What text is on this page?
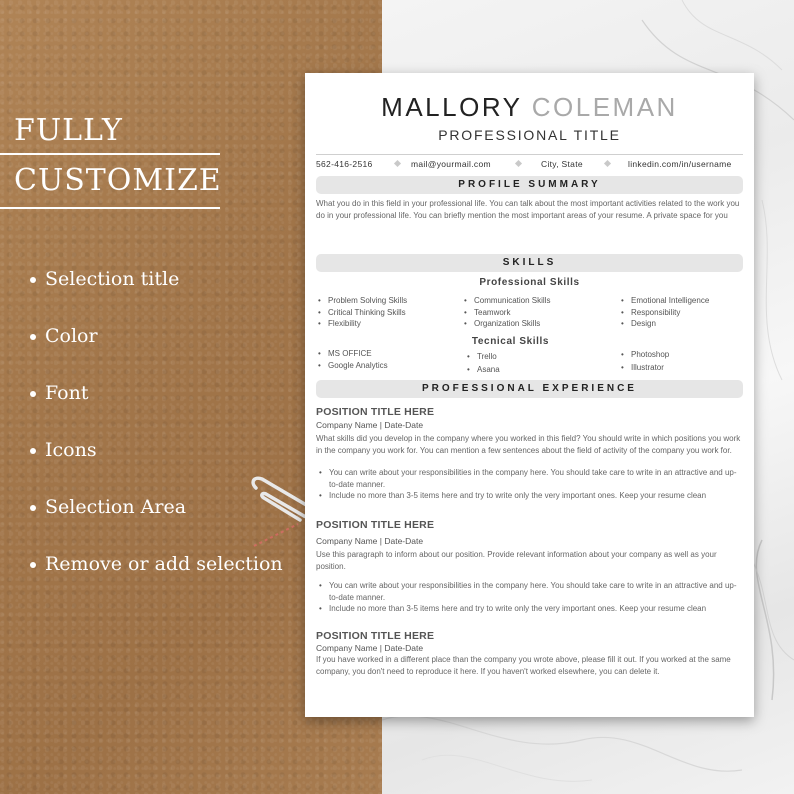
FULLY
CUSTOMIZE
Selection title
Color
Font
Icons
Selection Area
Remove or add selection
MALLORY COLEMAN
PROFESSIONAL TITLE
562-416-2516	mail@yourmail.com	City, State	linkedin.com/in/username
PROFILE SUMMARY

What you do in this field in your professional life. You can talk about the most important activities related to the work you do in your professional life. You can briefly mention the most important areas of your resume. A private space for you

SKILLS
Professional Skills
• Problem Solving Skills
• Critical Thinking Skills
• Flexibility
• Communication Skills
• Teamwork
• Organization Skills
• Emotional Intelligence
• Responsibility
• Design
Tecnical Skills
• MS OFFICE
• Google Analytics
• Trello
• Asana
• Photoshop
• Illustrator
PROFESSIONAL EXPERIENCE
POSITION TITLE HERE
Company Name | Date-Date

What skills did you develop in the company where you worked in this field? You should write in which positions you work in the company you work for. You can mention a few sentences about the field of activity of the company you work for.

• You can write about your responsibilities in the company here. You should take care to write in an attractive and up-to-date manner.
• Include no more than 3-5 items here and try to write only the very important ones. Keep your resume clean
POSITION TITLE HERE
Company Name | Date-Date

Use this paragraph to inform about our position. Provide relevant information about your company as well as your position.

• You can write about your responsibilities in the company here. You should take care to write in an attractive and up-to-date manner.
• Include no more than 3-5 items here and try to write only the very important ones. Keep your resume clean
POSITION TITLE HERE
Company Name | Date-Date

If you have worked in a different place than the company you wrote above, please fill it out. If you worked at the same company, you don't need to reproduce it here. If you haven't worked elsewhere, you can delete it.
